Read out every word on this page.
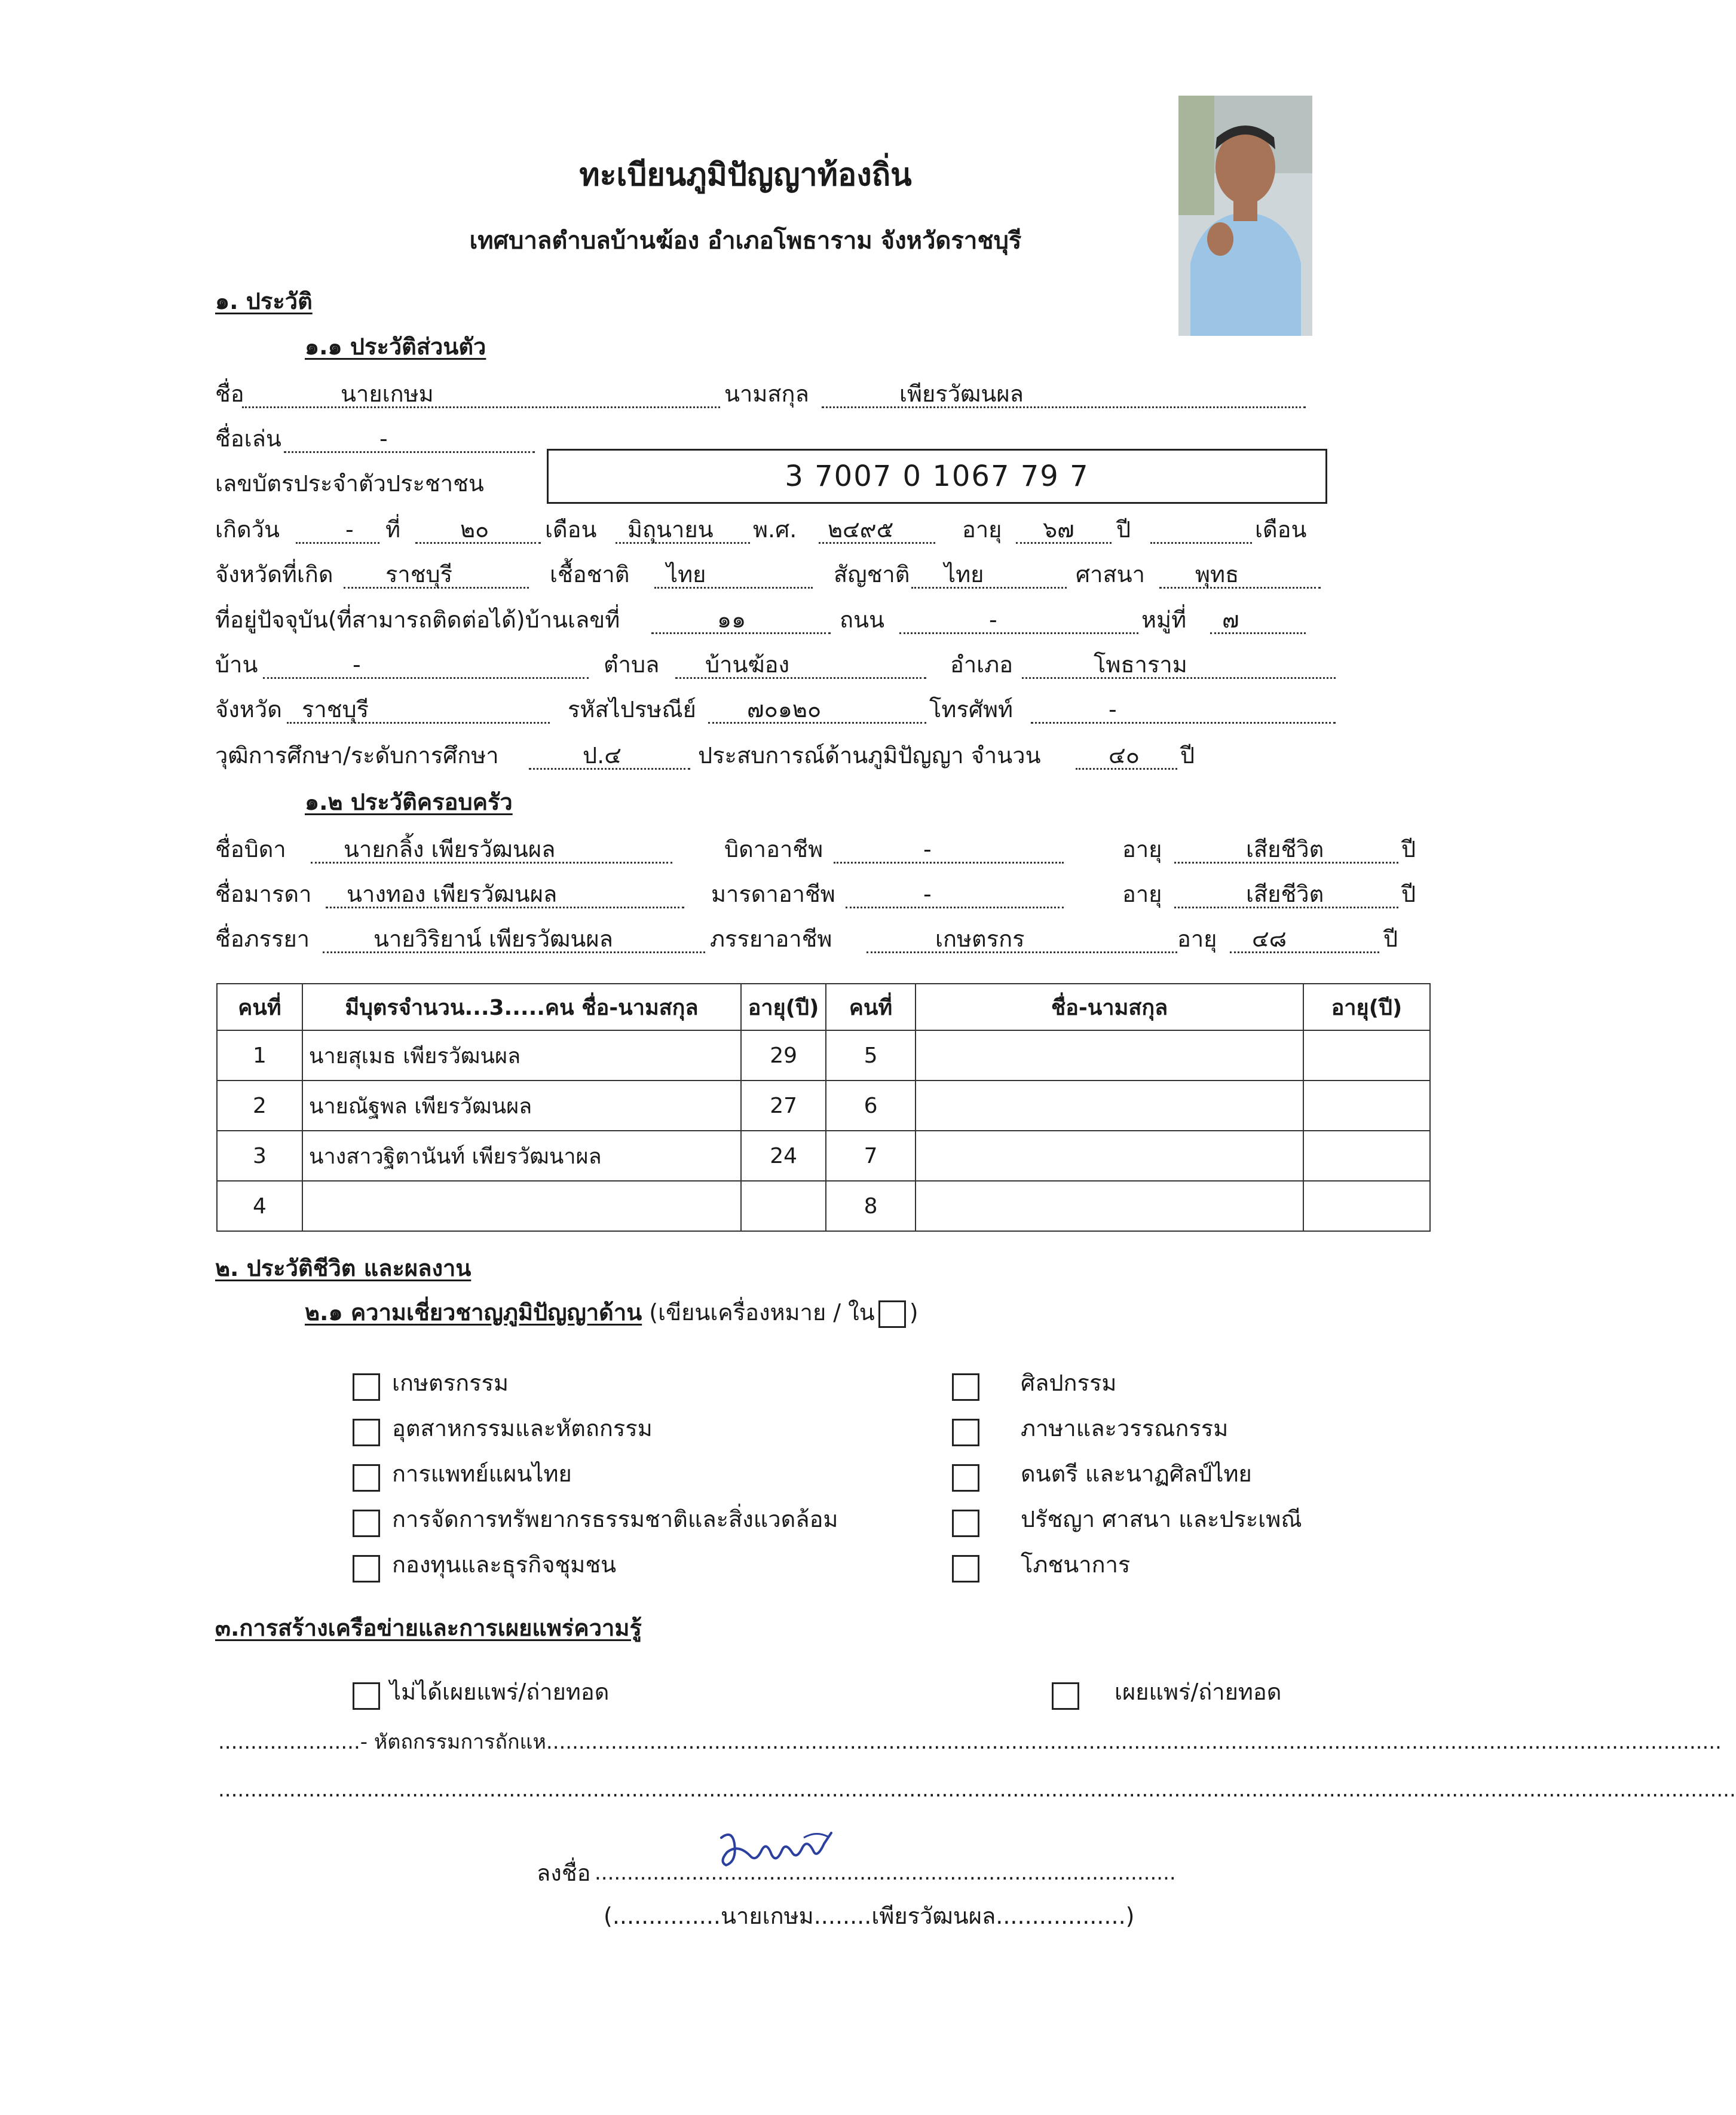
ทะเบียนภูมิปัญญาท้องถิ่น
เทศบาลตำบลบ้านฆ้อง อำเภอโพธาราม จังหวัดราชบุรี
๑. ประวัติ
๑.๑ ประวัติส่วนตัว
ชื่อ	นายเกษม	นามสกุล	เพียรวัฒนผล
ชื่อเล่น	-
เลขบัตรประจำตัวประชาชน	3 7007 0 1067 79 7
เกิดวัน	- ที่	๒๐ เดือน มิถุนายน พ.ศ. ๒๔๙๕	อายุ ๖๗ ปี	เดือน
จังหวัดที่เกิด ราชบุรี	เชื้อชาติ ไทย	สัญชาติ ไทย	ศาสนา พุทธ
ที่อยู่ปัจจุบัน(ที่สามารถติดต่อได้)บ้านเลขที่	๑๑	ถนน	-	หมู่ที่ ๗
บ้าน	-	ตำบล บ้านฆ้อง	อำเภอ	โพธาราม
จังหวัด ราชบุรี	รหัสไปรษณีย์ ๗๐๑๒๐	โทรศัพท์	-
วุฒิการศึกษา/ระดับการศึกษา	ป.๔	ประสบการณ์ด้านภูมิปัญญา จำนวน	๔๐ ปี
๑.๒ ประวัติครอบครัว
ชื่อบิดา	นายกลิ้ง เพียรวัฒนผล	บิดาอาชีพ	-	อายุ	เสียชีวิต	ปี
ชื่อมารดา นางทอง เพียรวัฒนผล	มารดาอาชีพ	-	อายุ	เสียชีวิต	ปี
ชื่อภรรยา	นายวิริยาน์ เพียรวัฒนผล	ภรรยาอาชีพ	เกษตรกร	อายุ ๔๘	ปี
คนที่	มีบุตรจำนวน...3.....คน ชื่อ-นามสกุล	อายุ(ปี)	คนที่	ชื่อ-นามสกุล	อายุ(ปี)
1	นายสุเมธ เพียรวัฒนผล	29	5		
2	นายณัฐพล เพียรวัฒนผล	27	6		
3	นางสาวฐิตานันท์ เพียรวัฒนาผล	24	7		
4			8		
๒. ประวัติชีวิต และผลงาน
๒.๑ ความเชี่ยวชาญภูมิปัญญาด้าน (เขียนเครื่องหมาย / ใน )
เกษตรกรรม
อุตสาหกรรมและหัตถกรรม
การแพทย์แผนไทย
การจัดการทรัพยากรธรรมชาติและสิ่งแวดล้อม
กองทุนและธุรกิจชุมชน
ศิลปกรรม
ภาษาและวรรณกรรม
ดนตรี และนาฏศิลป์ไทย
ปรัชญา ศาสนา และประเพณี
โภชนาการ
๓.การสร้างเครือข่ายและการเผยแพร่ความรู้
ไม่ได้เผยแพร่/ถ่ายทอด	เผยแพร่/ถ่ายทอด
......................- หัตถกรรมการถักแห......................................................................................................................................................................................
...........................................................................................................................................................................................................................................
ลงชื่อ ..........................................................................................
(...............นายเกษม........เพียรวัฒนผล..................)
